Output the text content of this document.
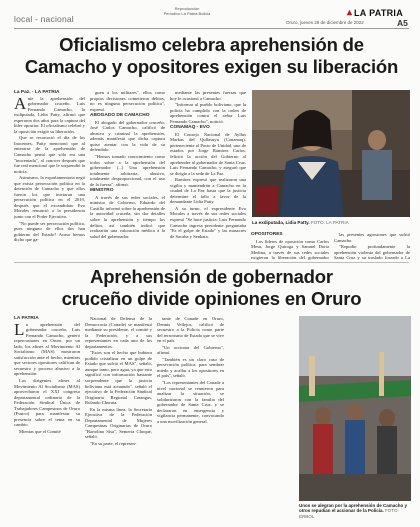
local - nacional
Reproducción
Periódico La Patria Bolivia	LA PATRIA
Oruro, jueves 29 de diciembre de 2022	A5
Oficialismo celebra aprehensión de
Camacho y opositores exigen su liberación
La Paz. - LA PATRIA

Ante la aprehensión del gobernador cruceño, Luis Fernando Camacho, la exdiputada, Lidia Patty, afirmó que esperaron dos años para la captura del líder opositor. El oficialismo celebró y la oposición exigió su liberación.

Que se reconoció el día de los Inocentes, Patty mencionó que al enterarse de la aprehensión de Camacho pensó que sólo era una "inocentada", al conocer después que fue real mencionó que le sorprendió la noticia.

Asimismo, la exparlamentaria negó que exista persecución política en la detención de Camacho y que ellos fueron los que iniciaron una persecución política en el 2019, después que el excandidato Evo Morales renunció a la presidencia junto con el Poder Ejecutivo.

"No puede ser persecución política, pues ninguno de ellos dos han gobierno del Estado? Acaso hemos dicho que ga-

guen a los militares", ellos como propios decisiones cometieron delitos, no es ninguna persecución política", expresó.

ABOGADO DE CAMACHO

El abogado del gobernador cruceño, José Carlos Camacho, calificó de abusiva y criminal la aprehensión, además manifestó que dicha captura quiso atentar con la vida de su defendido.

"Hemos tomado conocimiento como todos sobre a la aprehensión del gobernador (...) Una aprehensión totalmente arbitraria, abusiva, totalmente desproporcional, con el uso de la fuerza", afirmó.

MINISTRO

A través de sus redes sociales, el ministro de Gobierno, Eduardo del Castillo informó sobre la aprehensión de la autoridad cruceña, sin dar detalles sobre la aprehensión y tiempo los delitos, así también indicó que realizarán una valoración médica a la salud del gobernador.

mediante las presentes fuerzas que hoy le ocasionó a Camacho.

"Informar al pueblo boliviano, que la policía ha cumplido con la orden de aprehensión contra el señor Luis Fernando Camacho", notició.

CONAMAQ - EVO

El Consejo Nacional de Ayllus Markas del Qullasuyu (Conamaq), perteneciente al Pacto de Unidad, uno de estados por Jorge Ramírez Carlos, felicitó la acción del Gobierno al aprehender al gobernador de Santa Cruz, Luis Fernando Camacho, y aseguró que se dirigía a la sede de La Paz.

Ramírez expresó que realizaron una vigilia y mantendrán a Camacho en la ciudad de La Paz hasta que la justicia determine el fallo a favor de la demandante Lidia Patty.

A su turno, el expresidente Evo Morales a través de sus redes sociales expresó "Se hace justicia: Luis Fernando Camacho ingresa presidente preguntaba "Es el golpe de Estado" y las masacres de Sacaba y Senkata.

La exdiputada, Lidia Patty. FOTO: LA PATRIA

OPOSITORES

Los líderes de oposición como Carlos Mesa, Jorge Quiroga y Samuel Doria Medina, a través de sus redes sociales exigieron la liberación del gobernador

las presentes agresiones que sufrió Camacho.

"Repudio profundamente la aprehensión violenta del gobernador de Santa Cruz y su traslado forzado a La

Aprehensión de gobernador
cruceño divide opiniones en Oruro
LA PATRIA

La aprehensión del gobernador cruceño, Luis Fernando Camacho, generó repercusiones en Oruro, por un lado, los afines al Movimiento Al Socialismo (MAS) mostraron satisfacción ante el hecho, mientras que sectores opositores califican de secuestro y proceso abusivo a la aprehensión.

Los dirigentes afines al Movimiento Al Socialismo (MAS) aprovecharon el XXI congreso departamental ordinario de la Federación Sindical Única de Trabajadores Campesinos de Oruro (Fsutco) para manifestar su presencia sobre el tema en su cambio.

Mientas que el Comité

Nacional de Defensa de la Democracia (Conade) se manifestó mediante su presidente, el comité y la Federación, y a sus representantes en cada uno de los departamentos.

"Estos son el hecho que hubiera podido cristalizar en un golpe de Estado que sufrió el MAS", señaló, aunque tanto, pero agua, ya que esto significó con información bastante sorprendente que la justicia boliviana está actuando", señaló el ejecutivo de la Federación Sindical Originaria Regional Carangas, Rolando Churata.

En la misma línea, la Secretaría Ejecutiva de la Federación Departamental de Mujeres Campesinas Originarias de Oruro "Bartolina Sisa", Semeria Choque, señaló.

"En su parte, el represen-

tante de Conade en Oruro, Dennis Vellejos, calificó de secuestro a la Policía como parte del terrorismo de Estado que se vive en el país.

"Un accionar del Gobierno", afirmó.

"También es un claro caso de persecución política, para sembrar miedo y acallar a los opositores en el país", señaló.

"Los representantes del Conade a nivel nacional se reunieron para analizar la situación, se solidarizaron con la familia del gobernador de Santa Cruz, y se declararon en emergencia y vigilancia permanente, convocando a una movilización general.

Unos se alegran por la aprehensión de Camacho y otros repudian el accionar de la Policía. FOTO: ERBOL
